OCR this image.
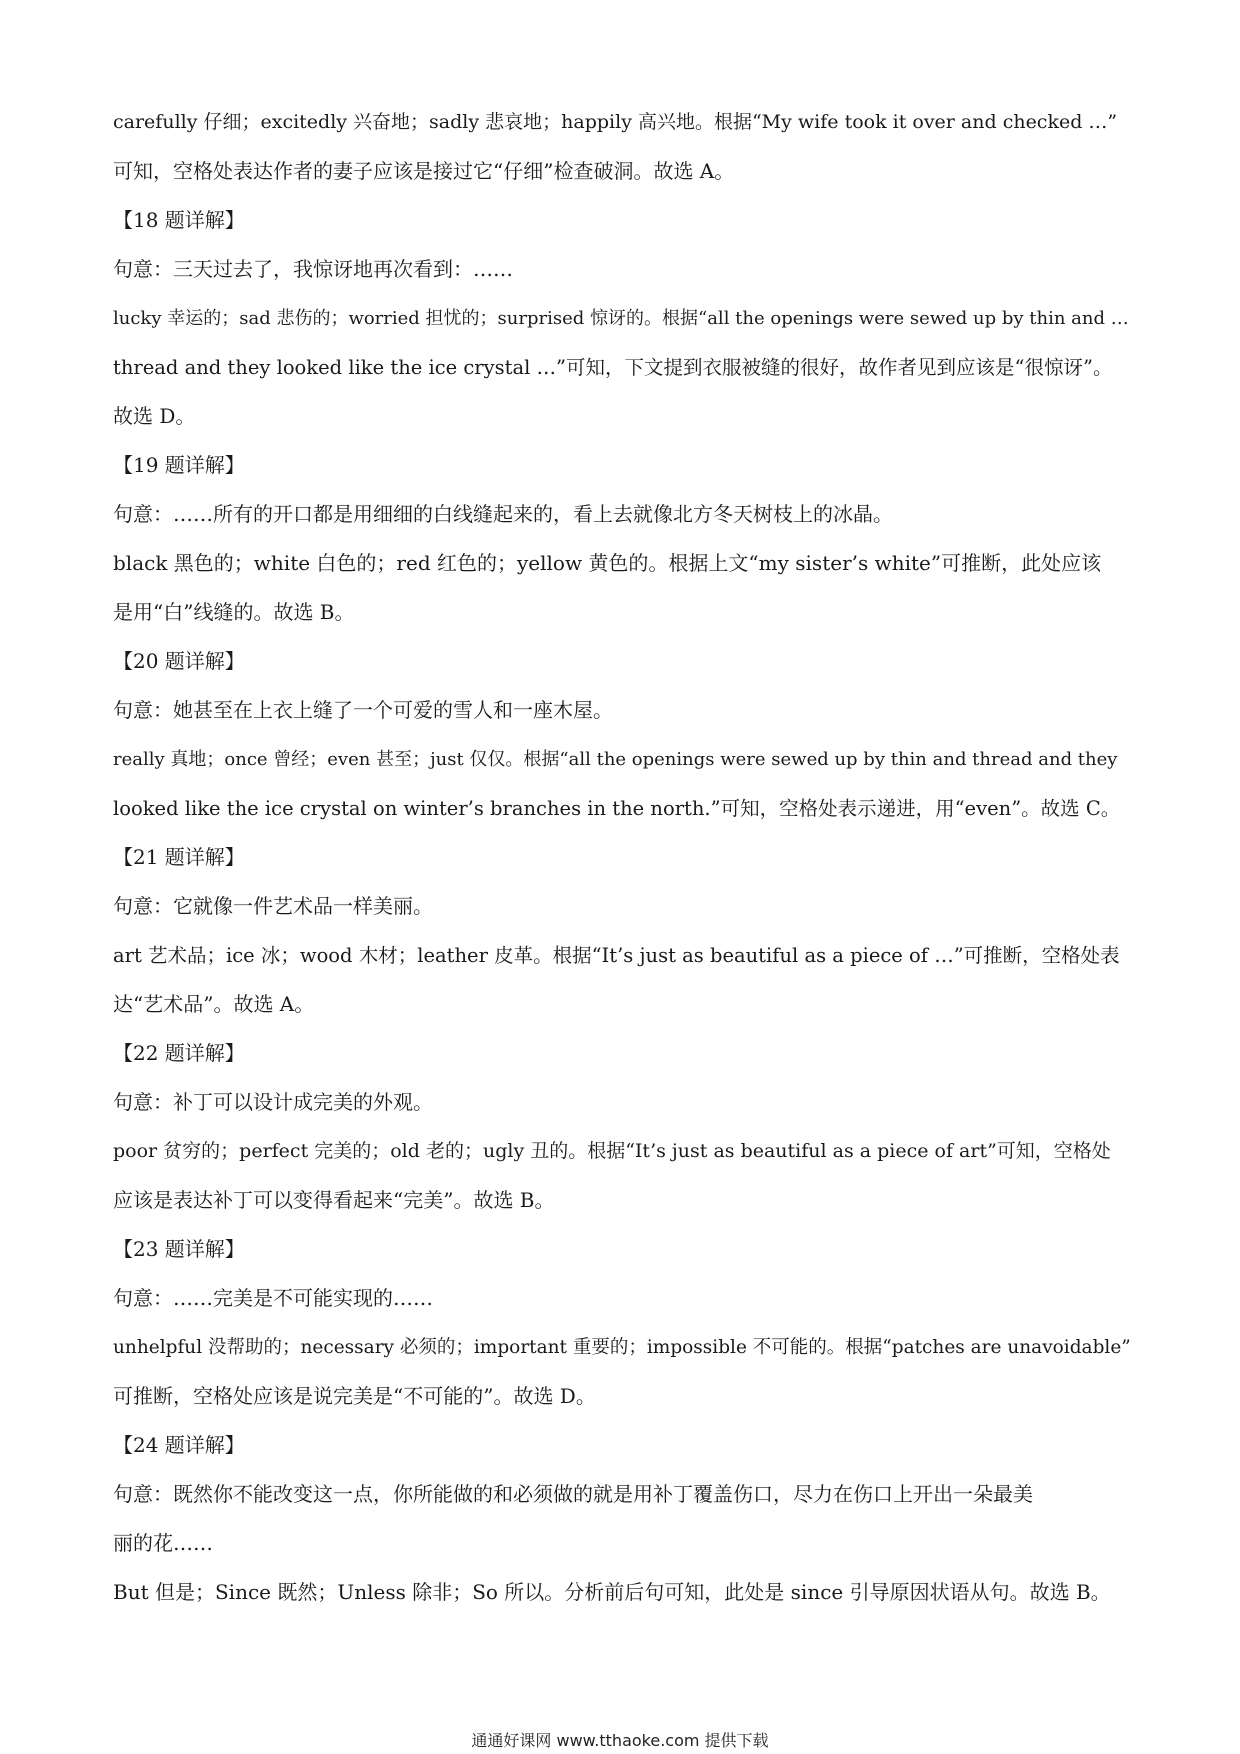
carefully 仔细；excitedly 兴奋地；sadly 悲哀地；happily 高兴地。根据“My wife took it over and checked …”
可知，空格处表达作者的妻子应该是接过它“仔细”检查破洞。故选 A。
【18 题详解】
句意：三天过去了，我惊讶地再次看到：……
lucky 幸运的；sad 悲伤的；worried 担忧的；surprised 惊讶的。根据“all the openings were sewed up by thin and …
thread and they looked like the ice crystal …”可知，下文提到衣服被缝的很好，故作者见到应该是“很惊讶”。
故选 D。
【19 题详解】
句意：……所有的开口都是用细细的白线缝起来的，看上去就像北方冬天树枝上的冰晶。
black 黑色的；white 白色的；red 红色的；yellow 黄色的。根据上文“my sister’s white”可推断，此处应该
是用“白”线缝的。故选 B。
【20 题详解】
句意：她甚至在上衣上缝了一个可爱的雪人和一座木屋。
really 真地；once 曾经；even 甚至；just 仅仅。根据“all the openings were sewed up by thin and thread and they
looked like the ice crystal on winter’s branches in the north.”可知，空格处表示递进，用“even”。故选 C。
【21 题详解】
句意：它就像一件艺术品一样美丽。
art 艺术品；ice 冰；wood 木材；leather 皮革。根据“It’s just as beautiful as a piece of …”可推断，空格处表
达“艺术品”。故选 A。
【22 题详解】
句意：补丁可以设计成完美的外观。
poor 贫穷的；perfect 完美的；old 老的；ugly 丑的。根据“It’s just as beautiful as a piece of art”可知，空格处
应该是表达补丁可以变得看起来“完美”。故选 B。
【23 题详解】
句意：……完美是不可能实现的……
unhelpful 没帮助的；necessary 必须的；important 重要的；impossible 不可能的。根据“patches are unavoidable”
可推断，空格处应该是说完美是“不可能的”。故选 D。
【24 题详解】
句意：既然你不能改变这一点，你所能做的和必须做的就是用补丁覆盖伤口，尽力在伤口上开出一朵最美
丽的花……
But 但是；Since 既然；Unless 除非；So 所以。分析前后句可知，此处是 since 引导原因状语从句。故选 B。
通通好课网 www.tthaoke.com 提供下载
